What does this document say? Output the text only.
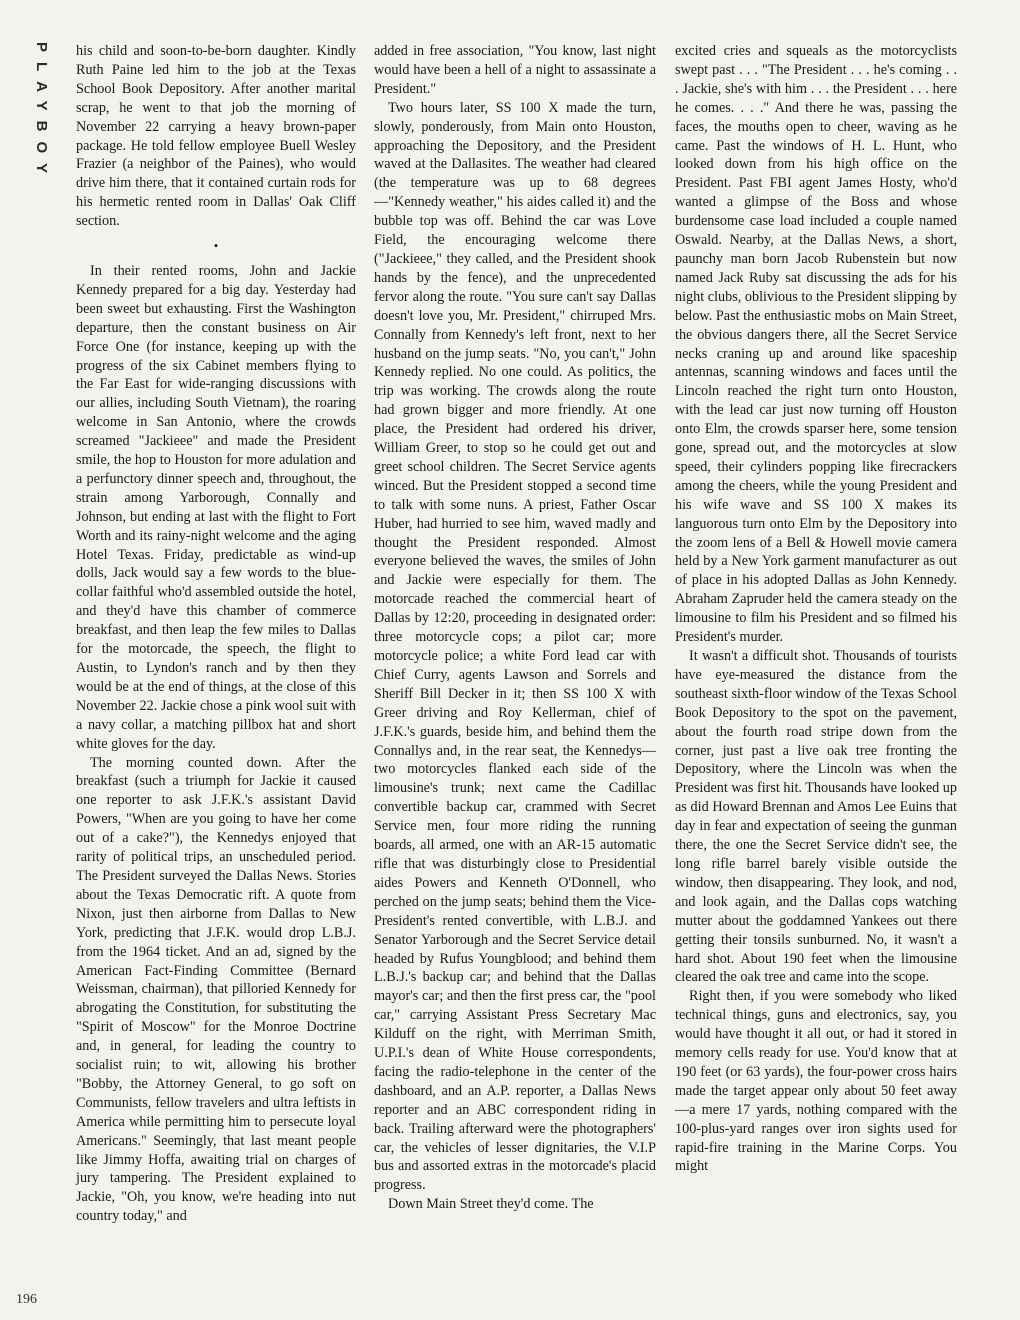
PLAYBOY his child and soon-to-be-born daughter. Kindly Ruth Paine led him to the job at the Texas School Book Depository. After another marital scrap, he went to that job the morning of November 22 carrying a heavy brown-paper package. He told fellow employee Buell Wesley Frazier (a neighbor of the Paines), who would drive him there, that it contained curtain rods for his hermetic rented room in Dallas' Oak Cliff section.

•

In their rented rooms, John and Jackie Kennedy prepared for a big day. Yesterday had been sweet but exhausting. First the Washington departure, then the constant business on Air Force One (for instance, keeping up with the progress of the six Cabinet members flying to the Far East for wide-ranging discussions with our allies, including South Vietnam), the roaring welcome in San Antonio, where the crowds screamed "Jackieee" and made the President smile, the hop to Houston for more adulation and a perfunctory dinner speech and, throughout, the strain among Yarborough, Connally and Johnson, but ending at last with the flight to Fort Worth and its rainy-night welcome and the aging Hotel Texas. Friday, predictable as wind-up dolls, Jack would say a few words to the blue-collar faithful who'd assembled outside the hotel, and they'd have this chamber of commerce breakfast, and then leap the few miles to Dallas for the motorcade, the speech, the flight to Austin, to Lyndon's ranch and by then they would be at the end of things, at the close of this November 22. Jackie chose a pink wool suit with a navy collar, a matching pillbox hat and short white gloves for the day.

The morning counted down. After the breakfast (such a triumph for Jackie it caused one reporter to ask J.F.K.'s assistant David Powers, "When are you going to have her come out of a cake?"), the Kennedys enjoyed that rarity of political trips, an unscheduled period. The President surveyed the Dallas News. Stories about the Texas Democratic rift. A quote from Nixon, just then airborne from Dallas to New York, predicting that J.F.K. would drop L.B.J. from the 1964 ticket. And an ad, signed by the American Fact-Finding Committee (Bernard Weissman, chairman), that pilloried Kennedy for abrogating the Constitution, for substituting the "Spirit of Moscow" for the Monroe Doctrine and, in general, for leading the country to socialist ruin; to wit, allowing his brother "Bobby, the Attorney General, to go soft on Communists, fellow travelers and ultra leftists in America while permitting him to persecute loyal Americans." Seemingly, that last meant people like Jimmy Hoffa, awaiting trial on charges of jury tampering. The President explained to Jackie, "Oh, you know, we're heading into nut country today," and

added in free association, "You know, last night would have been a hell of a night to assassinate a President."

Two hours later, SS 100 X made the turn, slowly, ponderously, from Main onto Houston, approaching the Depository, and the President waved at the Dallasites. The weather had cleared (the temperature was up to 68 degrees—"Kennedy weather," his aides called it) and the bubble top was off. Behind the car was Love Field, the encouraging welcome there ("Jackieee," they called, and the President shook hands by the fence), and the unprecedented fervor along the route. "You sure can't say Dallas doesn't love you, Mr. President," chirruped Mrs. Connally from Kennedy's left front, next to her husband on the jump seats. "No, you can't," John Kennedy replied. No one could. As politics, the trip was working. The crowds along the route had grown bigger and more friendly. At one place, the President had ordered his driver, William Greer, to stop so he could get out and greet school children. The Secret Service agents winced. But the President stopped a second time to talk with some nuns. A priest, Father Oscar Huber, had hurried to see him, waved madly and thought the President responded. Almost everyone believed the waves, the smiles of John and Jackie were especially for them. The motorcade reached the commercial heart of Dallas by 12:20, proceeding in designated order: three motorcycle cops; a pilot car; more motorcycle police; a white Ford lead car with Chief Curry, agents Lawson and Sorrels and Sheriff Bill Decker in it; then SS 100 X with Greer driving and Roy Kellerman, chief of J.F.K.'s guards, beside him, and behind them the Connallys and, in the rear seat, the Kennedys—two motorcycles flanked each side of the limousine's trunk; next came the Cadillac convertible backup car, crammed with Secret Service men, four more riding the running boards, all armed, one with an AR-15 automatic rifle that was disturbingly close to Presidential aides Powers and Kenneth O'Donnell, who perched on the jump seats; behind them the Vice-President's rented convertible, with L.B.J. and Senator Yarborough and the Secret Service detail headed by Rufus Youngblood; and behind them L.B.J.'s backup car; and behind that the Dallas mayor's car; and then the first press car, the "pool car," carrying Assistant Press Secretary Mac Kilduff on the right, with Merriman Smith, U.P.I.'s dean of White House correspondents, facing the radio-telephone in the center of the dashboard, and an A.P. reporter, a Dallas News reporter and an ABC correspondent riding in back. Trailing afterward were the photographers' car, the vehicles of lesser dignitaries, the V.I.P bus and assorted extras in the motorcade's placid progress.

Down Main Street they'd come. The

excited cries and squeals as the motorcyclists swept past . . . "The President . . . he's coming . . . Jackie, she's with him . . . the President . . . here he comes. . . ." And there he was, passing the faces, the mouths open to cheer, waving as he came. Past the windows of H. L. Hunt, who looked down from his high office on the President. Past FBI agent James Hosty, who'd wanted a glimpse of the Boss and whose burdensome case load included a couple named Oswald. Nearby, at the Dallas News, a short, paunchy man born Jacob Rubenstein but now named Jack Ruby sat discussing the ads for his night clubs, oblivious to the President slipping by below. Past the enthusiastic mobs on Main Street, the obvious dangers there, all the Secret Service necks craning up and around like spaceship antennas, scanning windows and faces until the Lincoln reached the right turn onto Houston, with the lead car just now turning off Houston onto Elm, the crowds sparser here, some tension gone, spread out, and the motorcycles at slow speed, their cylinders popping like firecrackers among the cheers, while the young President and his wife wave and SS 100 X makes its languorous turn onto Elm by the Depository into the zoom lens of a Bell & Howell movie camera held by a New York garment manufacturer as out of place in his adopted Dallas as John Kennedy. Abraham Zapruder held the camera steady on the limousine to film his President and so filmed his President's murder.

It wasn't a difficult shot. Thousands of tourists have eye-measured the distance from the southeast sixth-floor window of the Texas School Book Depository to the spot on the pavement, about the fourth road stripe down from the corner, just past a live oak tree fronting the Depository, where the Lincoln was when the President was first hit. Thousands have looked up as did Howard Brennan and Amos Lee Euins that day in fear and expectation of seeing the gunman there, the one the Secret Service didn't see, the long rifle barrel barely visible outside the window, then disappearing. They look, and nod, and look again, and the Dallas cops watching mutter about the goddamned Yankees out there getting their tonsils sunburned. No, it wasn't a hard shot. About 190 feet when the limousine cleared the oak tree and came into the scope.

Right then, if you were somebody who liked technical things, guns and electronics, say, you would have thought it all out, or had it stored in memory cells ready for use. You'd know that at 190 feet (or 63 yards), the four-power cross hairs made the target appear only about 50 feet away—a mere 17 yards, nothing compared with the 100-plus-yard ranges over iron sights used for rapid-fire training in the Marine Corps. You might

196
